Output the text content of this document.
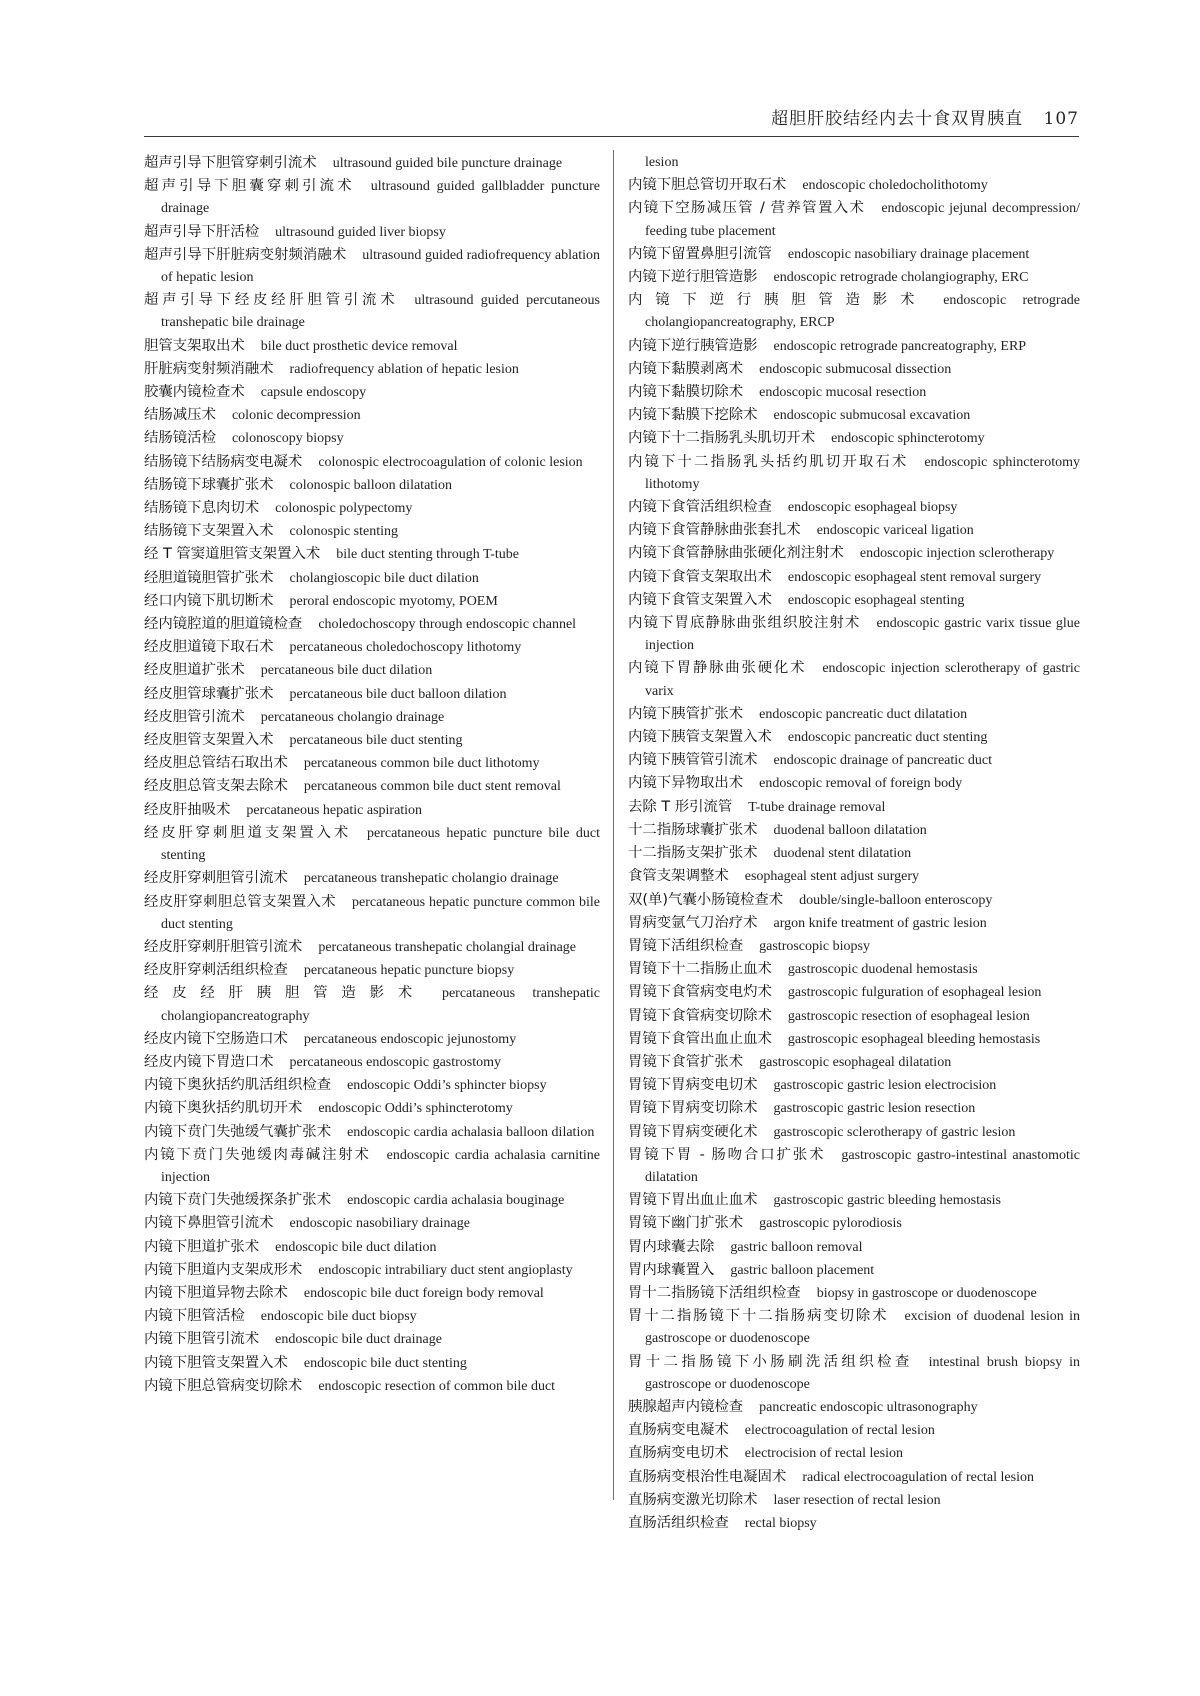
超胆肝胶结经内去十食双胃胰直 107
超声引导下胆管穿刺引流术 ultrasound guided bile puncture drainage
超声引导下胆囊穿刺引流术 ultrasound guided gallbladder puncture drainage
超声引导下肝活检 ultrasound guided liver biopsy
超声引导下肝脏病变射频消融术 ultrasound guided radiofrequency ablation of hepatic lesion
超声引导下经皮经肝胆管引流术 ultrasound guided percutaneous transhepatic bile drainage
胆管支架取出术 bile duct prosthetic device removal
肝脏病变射频消融术 radiofrequency ablation of hepatic lesion
胶囊内镜检查术 capsule endoscopy
结肠减压术 colonic decompression
结肠镜活检 colonoscopy biopsy
结肠镜下结肠病变电凝术 colonospic electrocoagulation of colonic lesion
结肠镜下球囊扩张术 colonospic balloon dilatation
结肠镜下息肉切术 colonospic polypectomy
结肠镜下支架置入术 colonospic stenting
经 T 管窦道胆管支架置入术 bile duct stenting through T-tube
经胆道镜胆管扩张术 cholangioscopic bile duct dilation
经口内镜下肌切断术 peroral endoscopic myotomy, POEM
经内镜腔道的胆道镜检查 choledochoscopy through endoscopic channel
经皮胆道镜下取石术 percataneous choledochoscopy lithotomy
经皮胆道扩张术 percataneous bile duct dilation
经皮胆管球囊扩张术 percataneous bile duct balloon dilation
经皮胆管引流术 percataneous cholangio drainage
经皮胆管支架置入术 percataneous bile duct stenting
经皮胆总管结石取出术 percataneous common bile duct lithotomy
经皮胆总管支架去除术 percataneous common bile duct stent removal
经皮肝抽吸术 percataneous hepatic aspiration
经皮肝穿刺胆道支架置入术 percataneous hepatic puncture bile duct stenting
经皮肝穿刺胆管引流术 percataneous transhepatic cholangio drainage
经皮肝穿刺胆总管支架置入术 percataneous hepatic puncture common bile duct stenting
经皮肝穿刺肝胆管引流术 percataneous transhepatic cholangial drainage
经皮肝穿刺活组织检查 percataneous hepatic puncture biopsy
经皮经肝胰胆管造影术 percataneous transhepatic cholangiopancreatography
经皮内镜下空肠造口术 percataneous endoscopic jejunostomy
经皮内镜下胃造口术 percataneous endoscopic gastrostomy
内镜下奥狄括约肌活组织检查 endoscopic Oddi’s sphincter biopsy
内镜下奥狄括约肌切开术 endoscopic Oddi’s sphincterotomy
内镜下贲门失弛缓气囊扩张术 endoscopic cardia achalasia balloon dilation
内镜下贲门失弛缓肉毒碱注射术 endoscopic cardia achalasia carnitine injection
内镜下贲门失弛缓探条扩张术 endoscopic cardia achalasia bouginage
内镜下鼻胆管引流术 endoscopic nasobiliary drainage
内镜下胆道扩张术 endoscopic bile duct dilation
内镜下胆道内支架成形术 endoscopic intrabiliary duct stent angioplasty
内镜下胆道异物去除术 endoscopic bile duct foreign body removal
内镜下胆管活检 endoscopic bile duct biopsy
内镜下胆管引流术 endoscopic bile duct drainage
内镜下胆管支架置入术 endoscopic bile duct stenting
内镜下胆总管病变切除术 endoscopic resection of common bile duct
lesion
内镜下胆总管切开取石术 endoscopic choledocholithotomy
内镜下空肠减压管 / 营养管置入术 endoscopic jejunal decompression/ feeding tube placement
内镜下留置鼻胆引流管 endoscopic nasobiliary drainage placement
内镜下逆行胆管造影 endoscopic retrograde cholangiography, ERC
内镜下逆行胰胆管造影术 endoscopic retrograde cholangiopancreatography, ERCP
内镜下逆行胰管造影 endoscopic retrograde pancreatography, ERP
内镜下黏膜剥离术 endoscopic submucosal dissection
内镜下黏膜切除术 endoscopic mucosal resection
内镜下黏膜下挖除术 endoscopic submucosal excavation
内镜下十二指肠乳头肌切开术 endoscopic sphincterotomy
内镜下十二指肠乳头括约肌切开取石术 endoscopic sphincterotomy lithotomy
内镜下食管活组织检查 endoscopic esophageal biopsy
内镜下食管静脉曲张套扎术 endoscopic variceal ligation
内镜下食管静脉曲张硬化剂注射术 endoscopic injection sclerotherapy
内镜下食管支架取出术 endoscopic esophageal stent removal surgery
内镜下食管支架置入术 endoscopic esophageal stenting
内镜下胃底静脉曲张组织胶注射术 endoscopic gastric varix tissue glue injection
内镜下胃静脉曲张硬化术 endoscopic injection sclerotherapy of gastric varix
内镜下胰管扩张术 endoscopic pancreatic duct dilatation
内镜下胰管支架置入术 endoscopic pancreatic duct stenting
内镜下胰管管引流术 endoscopic drainage of pancreatic duct
内镜下异物取出术 endoscopic removal of foreign body
去除 T 形引流管 T-tube drainage removal
十二指肠球囊扩张术 duodenal balloon dilatation
十二指肠支架扩张术 duodenal stent dilatation
食管支架调整术 esophageal stent adjust surgery
双(单)气囊小肠镜检查术 double/single-balloon enteroscopy
胃病变氩气刀治疗术 argon knife treatment of gastric lesion
胃镜下活组织检查 gastroscopic biopsy
胃镜下十二指肠止血术 gastroscopic duodenal hemostasis
胃镜下食管病变电灼术 gastroscopic fulguration of esophageal lesion
胃镜下食管病变切除术 gastroscopic resection of esophageal lesion
胃镜下食管出血止血术 gastroscopic esophageal bleeding hemostasis
胃镜下食管扩张术 gastroscopic esophageal dilatation
胃镜下胃病变电切术 gastroscopic gastric lesion electrocision
胃镜下胃病变切除术 gastroscopic gastric lesion resection
胃镜下胃病变硬化术 gastroscopic sclerotherapy of gastric lesion
胃镜下胃 - 肠吻合口扩张术 gastroscopic gastro-intestinal anastomotic dilatation
胃镜下胃出血止血术 gastroscopic gastric bleeding hemostasis
胃镜下幽门扩张术 gastroscopic pylorodiosis
胃内球囊去除 gastric balloon removal
胃内球囊置入 gastric balloon placement
胃十二指肠镜下活组织检查 biopsy in gastroscope or duodenoscope
胃十二指肠镜下十二指肠病变切除术 excision of duodenal lesion in gastroscope or duodenoscope
胃十二指肠镜下小肠刷洗活组织检查 intestinal brush biopsy in gastroscope or duodenoscope
胰腺超声内镜检查 pancreatic endoscopic ultrasonography
直肠病变电凝术 electrocoagulation of rectal lesion
直肠病变电切术 electrocision of rectal lesion
直肠病变根治性电凝固术 radical electrocoagulation of rectal lesion
直肠病变激光切除术 laser resection of rectal lesion
直肠活组织检查 rectal biopsy
